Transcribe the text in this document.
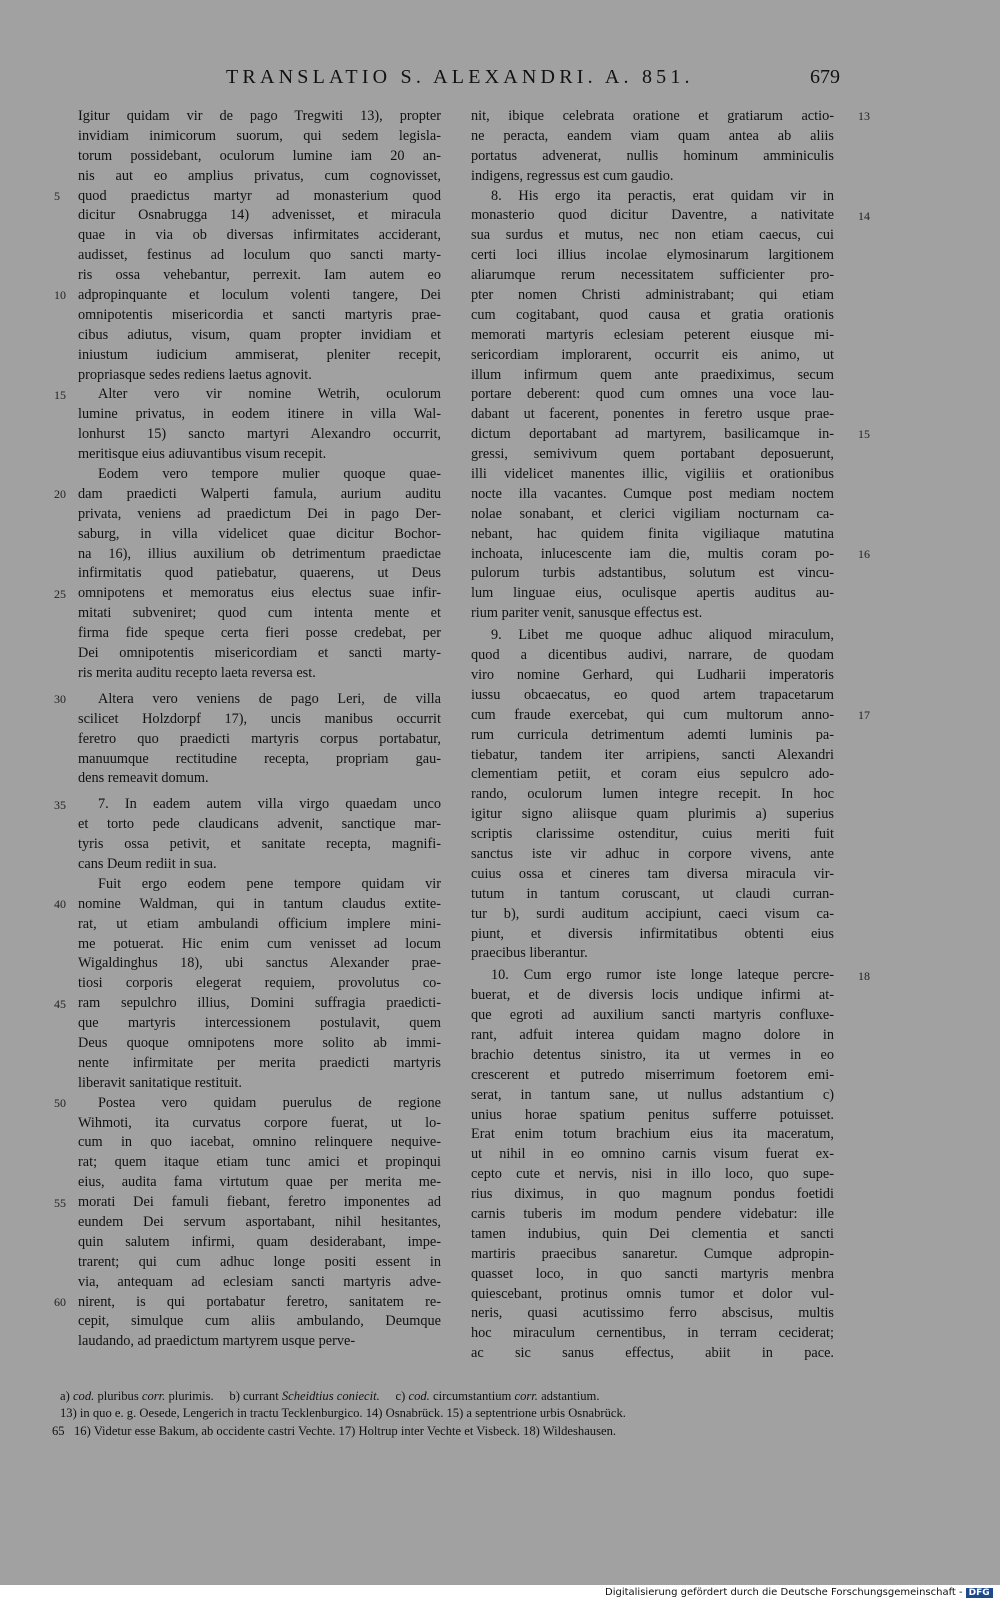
TRANSLATIO S. ALEXANDRI. A. 851.	679
5
10
15
20
25
30
35
40
45
50
55
60
Igitur quidam vir de pago Tregwiti 13), propter
invidiam inimicorum suorum, qui sedem legisla-
torum possidebant, oculorum lumine iam 20 an-
nis aut eo amplius privatus, cum cognovisset,
quod praedictus martyr ad monasterium quod
dicitur Osnabrugga 14) advenisset, et miracula
quae in via ob diversas infirmitates acciderant,
audisset, festinus ad loculum quo sancti marty-
ris ossa vehebantur, perrexit. Iam autem eo
adpropinquante et loculum volenti tangere, Dei
omnipotentis misericordia et sancti martyris prae-
cibus adiutus, visum, quam propter invidiam et
iniustum iudicium ammiserat, pleniter recepit,
propriasque sedes rediens laetus agnovit.
Alter vero vir nomine Wetrih, oculorum
lumine privatus, in eodem itinere in villa Wal-
lonhurst 15) sancto martyri Alexandro occurrit,
meritisque eius adiuvantibus visum recepit.
Eodem vero tempore mulier quoque quae-
dam praedicti Walperti famula, aurium auditu
privata, veniens ad praedictum Dei in pago Der-
saburg, in villa videlicet quae dicitur Bochor-
na 16), illius auxilium ob detrimentum praedictae
infirmitatis quod patiebatur, quaerens, ut Deus
omnipotens et memoratus eius electus suae infir-
mitati subveniret; quod cum intenta mente et
firma fide speque certa fieri posse credebat, per
Dei omnipotentis misericordiam et sancti marty-
ris merita auditu recepto laeta reversa est.
Altera vero veniens de pago Leri, de villa
scilicet Holzdorpf 17), uncis manibus occurrit
feretro quo praedicti martyris corpus portabatur,
manuumque rectitudine recepta, propriam gau-
dens remeavit domum.
7. In eadem autem villa virgo quaedam unco
et torto pede claudicans advenit, sanctique mar-
tyris ossa petivit, et sanitate recepta, magnifi-
cans Deum rediit in sua.
Fuit ergo eodem pene tempore quidam vir
nomine Waldman, qui in tantum claudus extite-
rat, ut etiam ambulandi officium implere mini-
me potuerat. Hic enim cum venisset ad locum
Wigaldinghus 18), ubi sanctus Alexander prae-
tiosi corporis elegerat requiem, provolutus co-
ram sepulchro illius, Domini suffragia praedicti-
que martyris intercessionem postulavit, quem
Deus quoque omnipotens more solito ab immi-
nente infirmitate per merita praedicti martyris
liberavit sanitatique restituit.
Postea vero quidam puerulus de regione
Wihmoti, ita curvatus corpore fuerat, ut lo-
cum in quo iacebat, omnino relinquere nequive-
rat; quem itaque etiam tunc amici et propinqui
eius, audita fama virtutum quae per merita me-
morati Dei famuli fiebant, feretro imponentes ad
eundem Dei servum asportabant, nihil hesitantes,
quin salutem infirmi, quam desiderabant, impe-
trarent; qui cum adhuc longe positi essent in
via, antequam ad eclesiam sancti martyris adve-
nirent, is qui portabatur feretro, sanitatem re-
cepit, simulque cum aliis ambulando, Deumque
laudando, ad praedictum martyrem usque perve-
nit, ibique celebrata oratione et gratiarum actio-
ne peracta, eandem viam quam antea ab aliis
portatus advenerat, nullis hominum amminiculis
indigens, regressus est cum gaudio.
8. His ergo ita peractis, erat quidam vir in
monasterio quod dicitur Daventre, a nativitate
sua surdus et mutus, nec non etiam caecus, cui
certi loci illius incolae elymosinarum largitionem
aliarumque rerum necessitatem sufficienter pro-
pter nomen Christi administrabant; qui etiam
cum cogitabant, quod causa et gratia orationis
memorati martyris eclesiam peterent eiusque mi-
sericordiam implorarent, occurrit eis animo, ut
illum infirmum quem ante praediximus, secum
portare deberent: quod cum omnes una voce lau-
dabant ut facerent, ponentes in feretro usque prae-
dictum deportabant ad martyrem, basilicamque in-
gressi, semivivum quem portabant deposuerunt,
illi videlicet manentes illic, vigiliis et orationibus
nocte illa vacantes. Cumque post mediam noctem
nolae sonabant, et clerici vigiliam nocturnam ca-
nebant, hac quidem finita vigiliaque matutina
inchoata, inlucescente iam die, multis coram po-
pulorum turbis adstantibus, solutum est vincu-
lum linguae eius, oculisque apertis auditus au-
rium pariter venit, sanusque effectus est.
9. Libet me quoque adhuc aliquod miraculum,
quod a dicentibus audivi, narrare, de quodam
viro nomine Gerhard, qui Ludharii imperatoris
iussu obcaecatus, eo quod artem trapacetarum
cum fraude exercebat, qui cum multorum anno-
rum curricula detrimentum ademti luminis pa-
tiebatur, tandem iter arripiens, sancti Alexandri
clementiam petiit, et coram eius sepulcro ado-
rando, oculorum lumen integre recepit. In hoc
igitur signo aliisque quam plurimis a) superius
scriptis clarissime ostenditur, cuius meriti fuit
sanctus iste vir adhuc in corpore vivens, ante
cuius ossa et cineres tam diversa miracula vir-
tutum in tantum coruscant, ut claudi curran-
tur b), surdi auditum accipiunt, caeci visum ca-
piunt, et diversis infirmitatibus obtenti eius
praecibus liberantur.
10. Cum ergo rumor iste longe lateque percre-
buerat, et de diversis locis undique infirmi at-
que egroti ad auxilium sancti martyris confluxe-
rant, adfuit interea quidam magno dolore in
brachio detentus sinistro, ita ut vermes in eo
crescerent et putredo miserrimum foetorem emi-
serat, in tantum sane, ut nullus adstantium c)
unius horae spatium penitus sufferre potuisset.
Erat enim totum brachium eius ita maceratum,
ut nihil in eo omnino carnis visum fuerat ex-
cepto cute et nervis, nisi in illo loco, quo supe-
rius diximus, in quo magnum pondus foetidi
carnis tuberis im modum pendere videbatur: ille
tamen indubius, quin Dei clementia et sancti
martiris praecibus sanaretur. Cumque adpropin-
quasset loco, in quo sancti martyris menbra
quiescebant, protinus omnis tumor et dolor vul-
neris, quasi acutissimo ferro abscisus, multis
hoc miraculum cernentibus, in terram ceciderat;
ac sic sanus effectus, abiit in pace.
13
14
15
16
17
18
a) cod. pluribus corr. plurimis. b) currant Scheidtius coniecit. c) cod. circumstantium corr. adstantium.
13) in quo e. g. Oesede, Lengerich in tractu Tecklenburgico. 14) Osnabrück. 15) a septentrione urbis Osnabrück.
65 16) Videtur esse Bakum, ab occidente castri Vechte. 17) Holtrup inter Vechte et Visbeck. 18) Wildeshausen.
Digitalisierung gefördert durch die Deutsche Forschungsgemeinschaft - DFG
